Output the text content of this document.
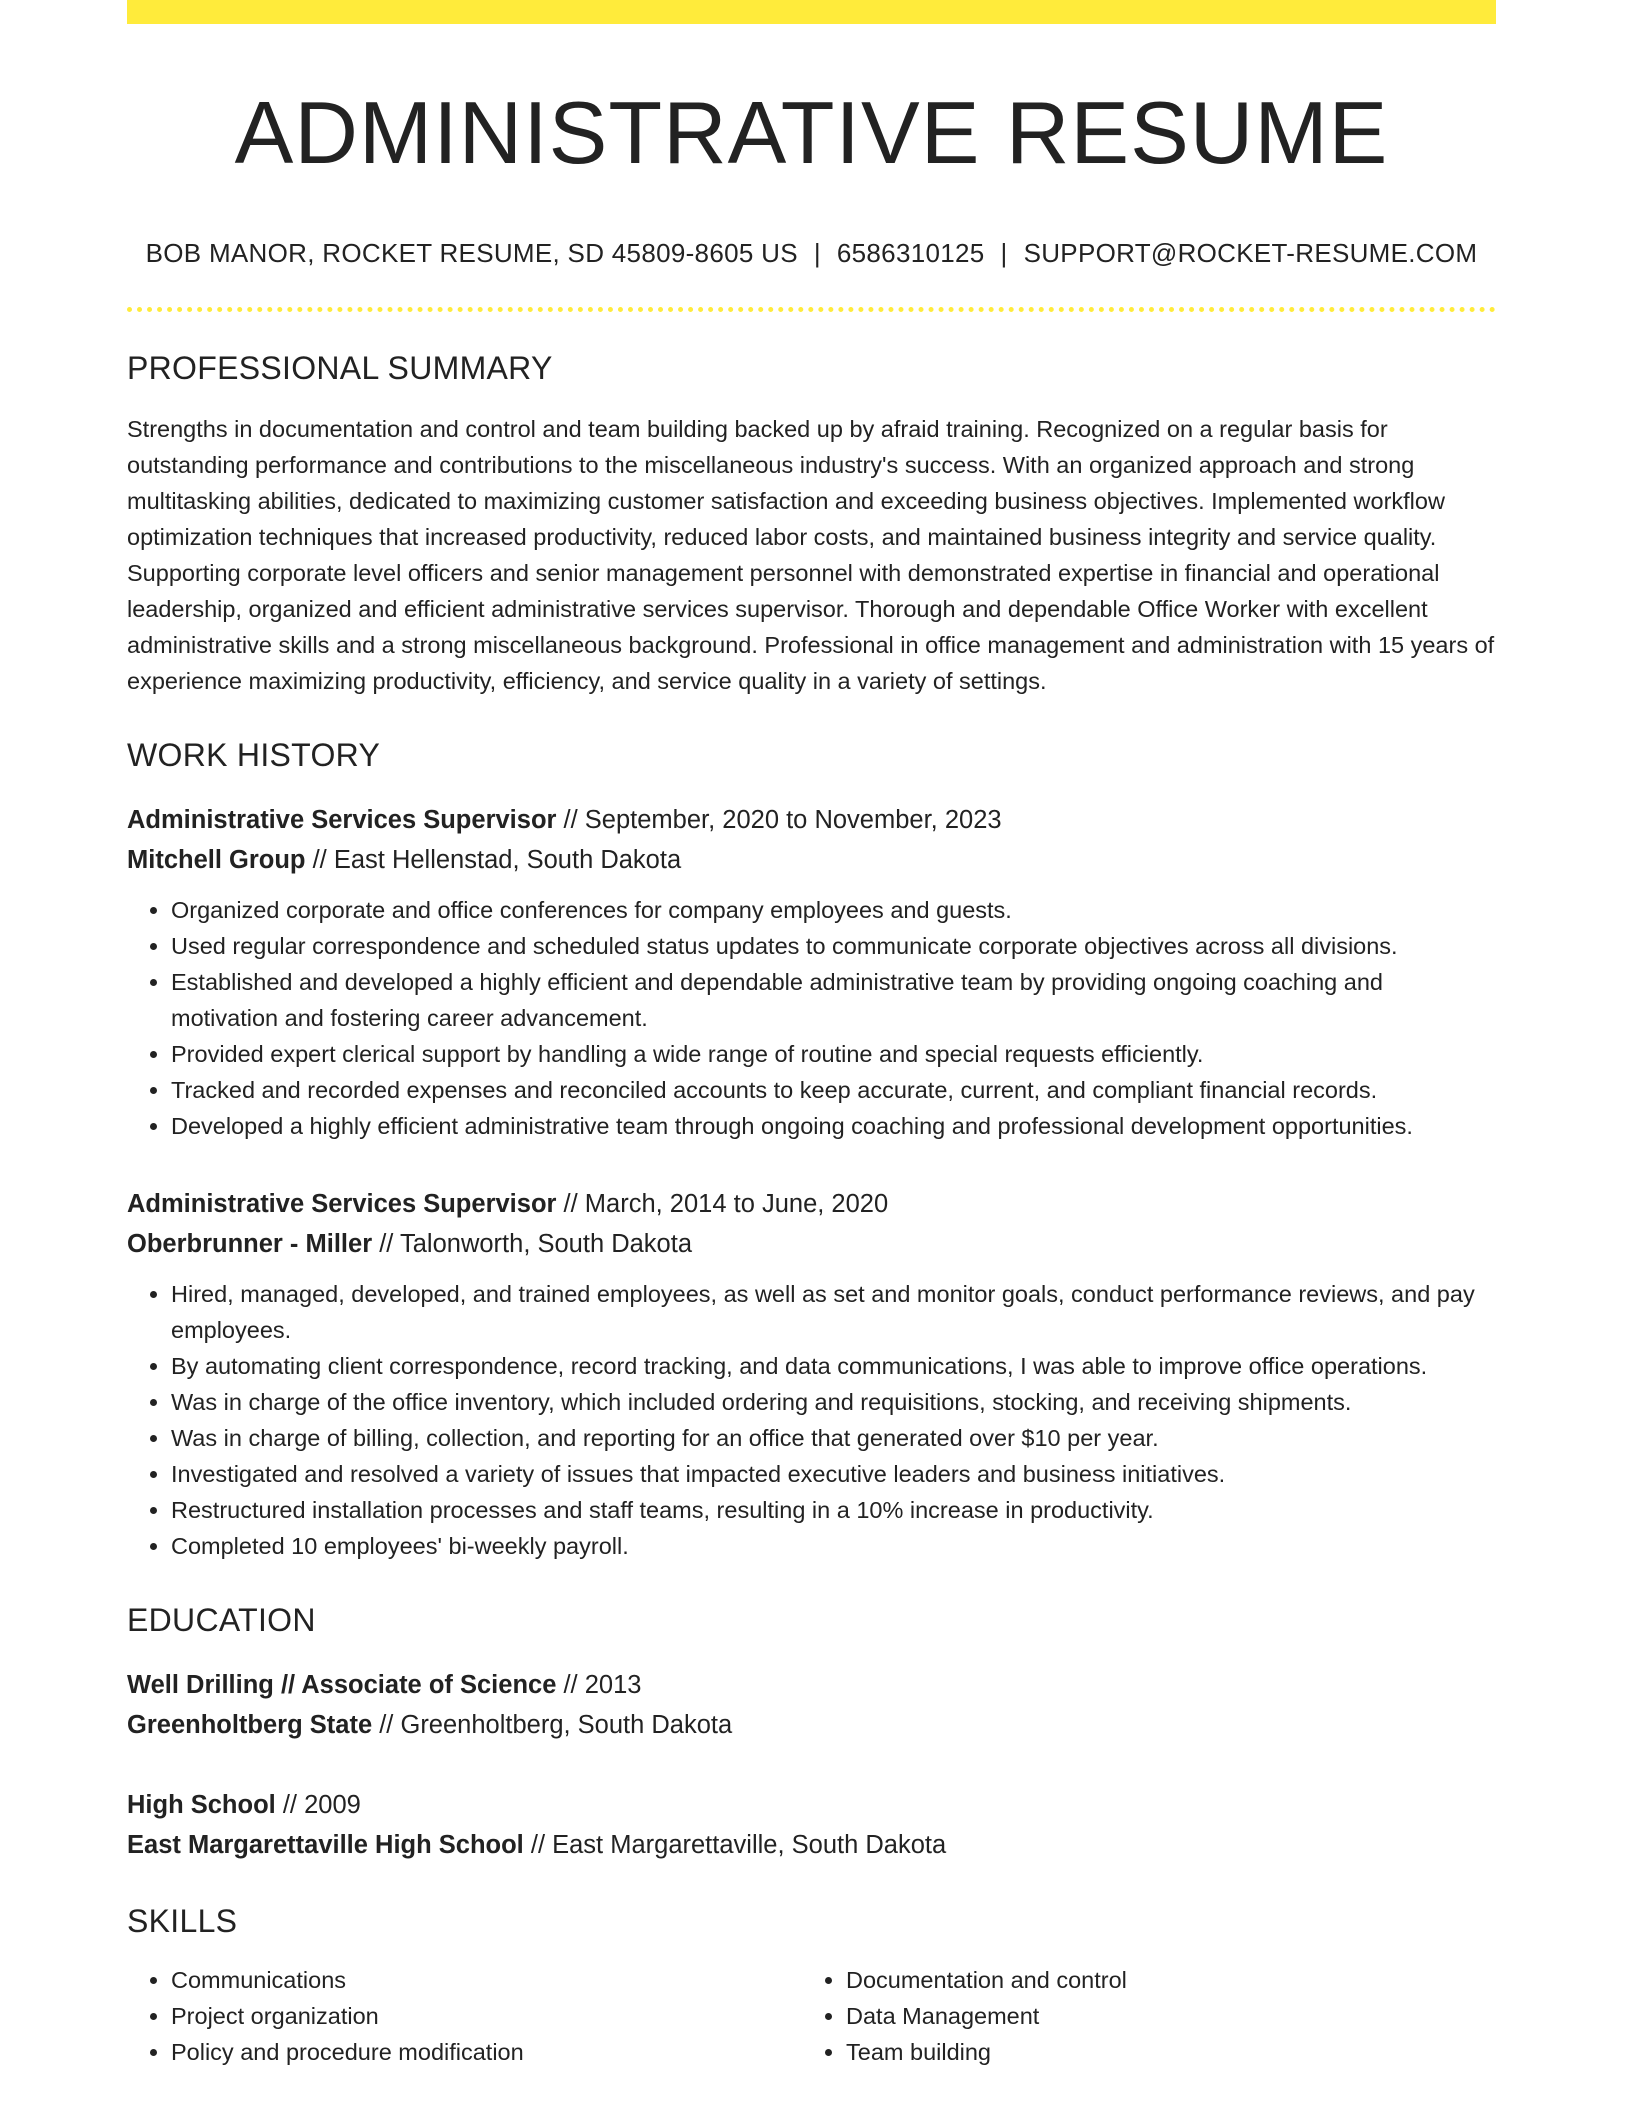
ADMINISTRATIVE RESUME
BOB MANOR, ROCKET RESUME, SD 45809-8605 US | 6586310125 | SUPPORT@ROCKET-RESUME.COM
PROFESSIONAL SUMMARY

Strengths in documentation and control and team building backed up by afraid training. Recognized on a regular basis for outstanding performance and contributions to the miscellaneous industry's success. With an organized approach and strong multitasking abilities, dedicated to maximizing customer satisfaction and exceeding business objectives. Implemented workflow optimization techniques that increased productivity, reduced labor costs, and maintained business integrity and service quality. Supporting corporate level officers and senior management personnel with demonstrated expertise in financial and operational leadership, organized and efficient administrative services supervisor. Thorough and dependable Office Worker with excellent administrative skills and a strong miscellaneous background. Professional in office management and administration with 15 years of experience maximizing productivity, efficiency, and service quality in a variety of settings.

WORK HISTORY
Administrative Services Supervisor // September, 2020 to November, 2023
Mitchell Group // East Hellenstad, South Dakota
• Organized corporate and office conferences for company employees and guests.
• Used regular correspondence and scheduled status updates to communicate corporate objectives across all divisions.
• Established and developed a highly efficient and dependable administrative team by providing ongoing coaching and motivation and fostering career advancement.
• Provided expert clerical support by handling a wide range of routine and special requests efficiently.
• Tracked and recorded expenses and reconciled accounts to keep accurate, current, and compliant financial records.
• Developed a highly efficient administrative team through ongoing coaching and professional development opportunities.
Administrative Services Supervisor // March, 2014 to June, 2020
Oberbrunner - Miller // Talonworth, South Dakota
• Hired, managed, developed, and trained employees, as well as set and monitor goals, conduct performance reviews, and pay employees.
• By automating client correspondence, record tracking, and data communications, I was able to improve office operations.
• Was in charge of the office inventory, which included ordering and requisitions, stocking, and receiving shipments.
• Was in charge of billing, collection, and reporting for an office that generated over $10 per year.
• Investigated and resolved a variety of issues that impacted executive leaders and business initiatives.
• Restructured installation processes and staff teams, resulting in a 10% increase in productivity.
• Completed 10 employees' bi-weekly payroll.
EDUCATION
Well Drilling // Associate of Science // 2013
Greenholtberg State // Greenholtberg, South Dakota
High School // 2009
East Margarettaville High School // East Margarettaville, South Dakota
SKILLS
• Communications
• Project organization
• Policy and procedure modification
• Documentation and control
• Data Management
• Team building
